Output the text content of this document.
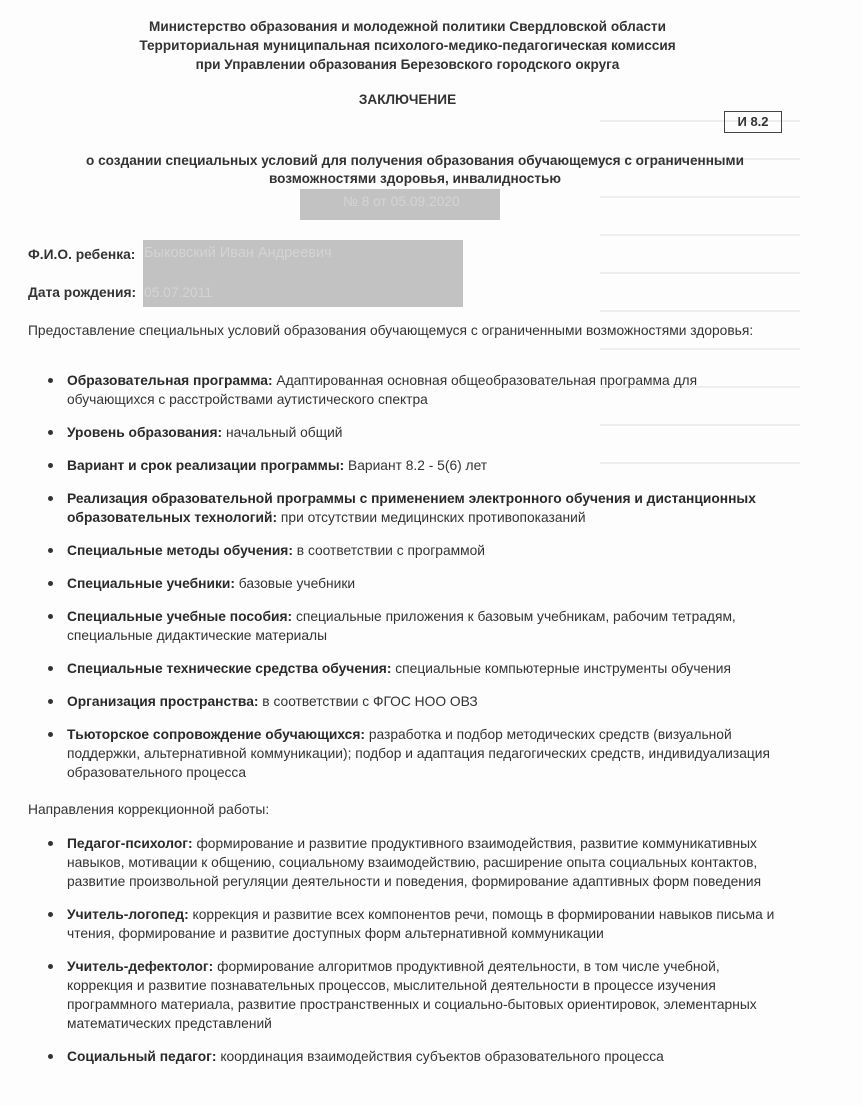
Министерство образования и молодежной политики Свердловской области
Территориальная муниципальная психолого-медико-педагогическая комиссия
при Управлении образования Березовского городского округа
ЗАКЛЮЧЕНИЕ
И 8.2
о создании специальных условий для получения образования обучающемуся с ограниченными
возможностями здоровья, инвалидностью
№ 8 от 05.09.2020
Ф.И.О. ребенка: Быковский Иван Андреевич
Дата рождения: 05.07.2011
Предоставление специальных условий образования обучающемуся с ограниченными возможностями здоровья:
Образовательная программа: Адаптированная основная общеобразовательная программа для обучающихся с расстройствами аутистического спектра
Уровень образования: начальный общий
Вариант и срок реализации программы: Вариант 8.2 - 5(6) лет
Реализация образовательной программы с применением электронного обучения и дистанционных образовательных технологий: при отсутствии медицинских противопоказаний
Специальные методы обучения: в соответствии с программой
Специальные учебники: базовые учебники
Специальные учебные пособия: специальные приложения к базовым учебникам, рабочим тетрадям, специальные дидактические материалы
Специальные технические средства обучения: специальные компьютерные инструменты обучения
Организация пространства: в соответствии с ФГОС НОО ОВЗ
Тьюторское сопровождение обучающихся: разработка и подбор методических средств (визуальной поддержки, альтернативной коммуникации); подбор и адаптация педагогических средств, индивидуализация образовательного процесса
Направления коррекционной работы:
Педагог-психолог: формирование и развитие продуктивного взаимодействия, развитие коммуникативных навыков, мотивации к общению, социальному взаимодействию, расширение опыта социальных контактов, развитие произвольной регуляции деятельности и поведения, формирование адаптивных форм поведения
Учитель-логопед: коррекция и развитие всех компонентов речи, помощь в формировании навыков письма и чтения, формирование и развитие доступных форм альтернативной коммуникации
Учитель-дефектолог: формирование алгоритмов продуктивной деятельности, в том числе учебной, коррекция и развитие познавательных процессов, мыслительной деятельности в процессе изучения программного материала, развитие пространственных и социально-бытовых ориентировок, элементарных математических представлений
Социальный педагог: координация взаимодействия субъектов образовательного процесса
